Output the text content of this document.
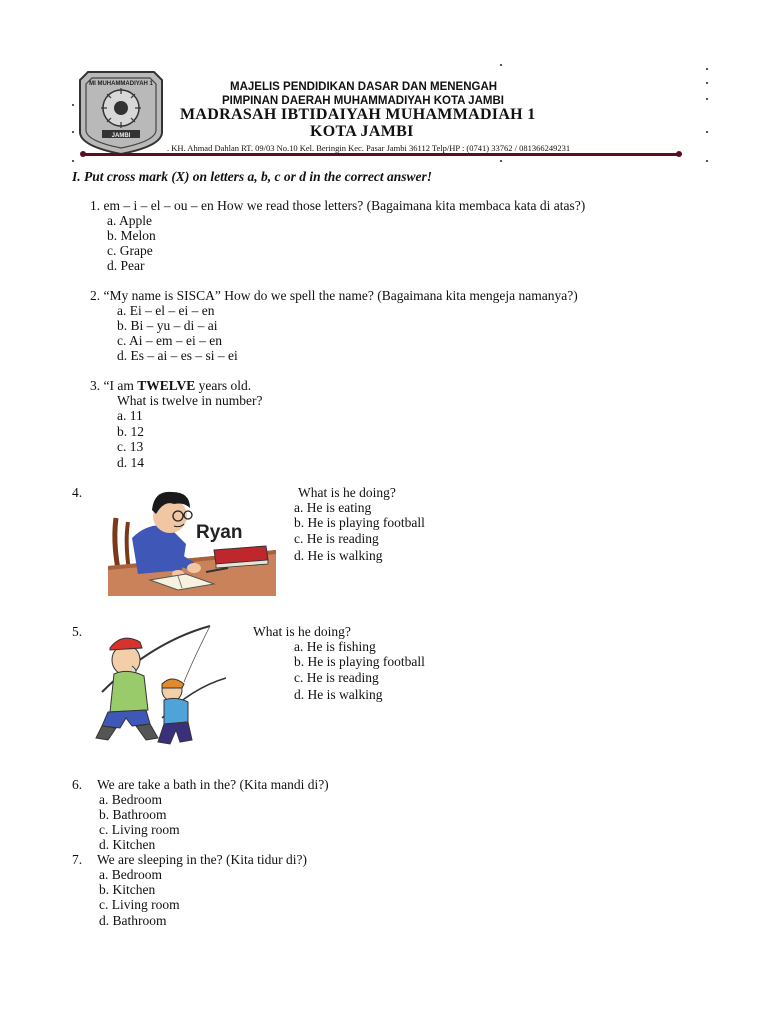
MI MUHAMMADIYAH 1
JAMBI
MAJELIS PENDIDIKAN DASAR DAN MENENGAH
PIMPINAN DAERAH MUHAMMADIYAH KOTA JAMBI
MADRASAH IBTIDAIYAH MUHAMMADIAH 1
KOTA JAMBI
. KH. Ahmad Dahlan RT. 09/03 No.10 Kel. Beringin Kec. Pasar Jambi 36112 Telp/HP : (0741) 33762 / 081366249231
I. Put cross mark (X) on letters a, b, c or d in the correct answer!
1. em – i – el – ou – en How we read those letters? (Bagaimana kita membaca kata di atas?)
a. Apple
b. Melon
c. Grape
d. Pear
2. “My name is SISCA” How do we spell the name? (Bagaimana kita mengeja namanya?)
a. Ei – el – ei – en
b. Bi – yu – di – ai
c. Ai – em – ei – en
d. Es – ai – es – si – ei
3. “I am TWELVE years old.
What is twelve in number?
a. 11
b. 12
c. 13
d. 14
4.
Ryan
What is he doing?
a. He is eating
b. He is playing football
c. He is reading
d. He is walking
5.	What is he doing?
a. He is fishing
b. He is playing football
c. He is reading
d. He is walking
6. We are take a bath in the? (Kita mandi di?)
a. Bedroom
b. Bathroom
c. Living room
d. Kitchen
7. We are sleeping in the? (Kita tidur di?)
a. Bedroom
b. Kitchen
c. Living room
d. Bathroom
